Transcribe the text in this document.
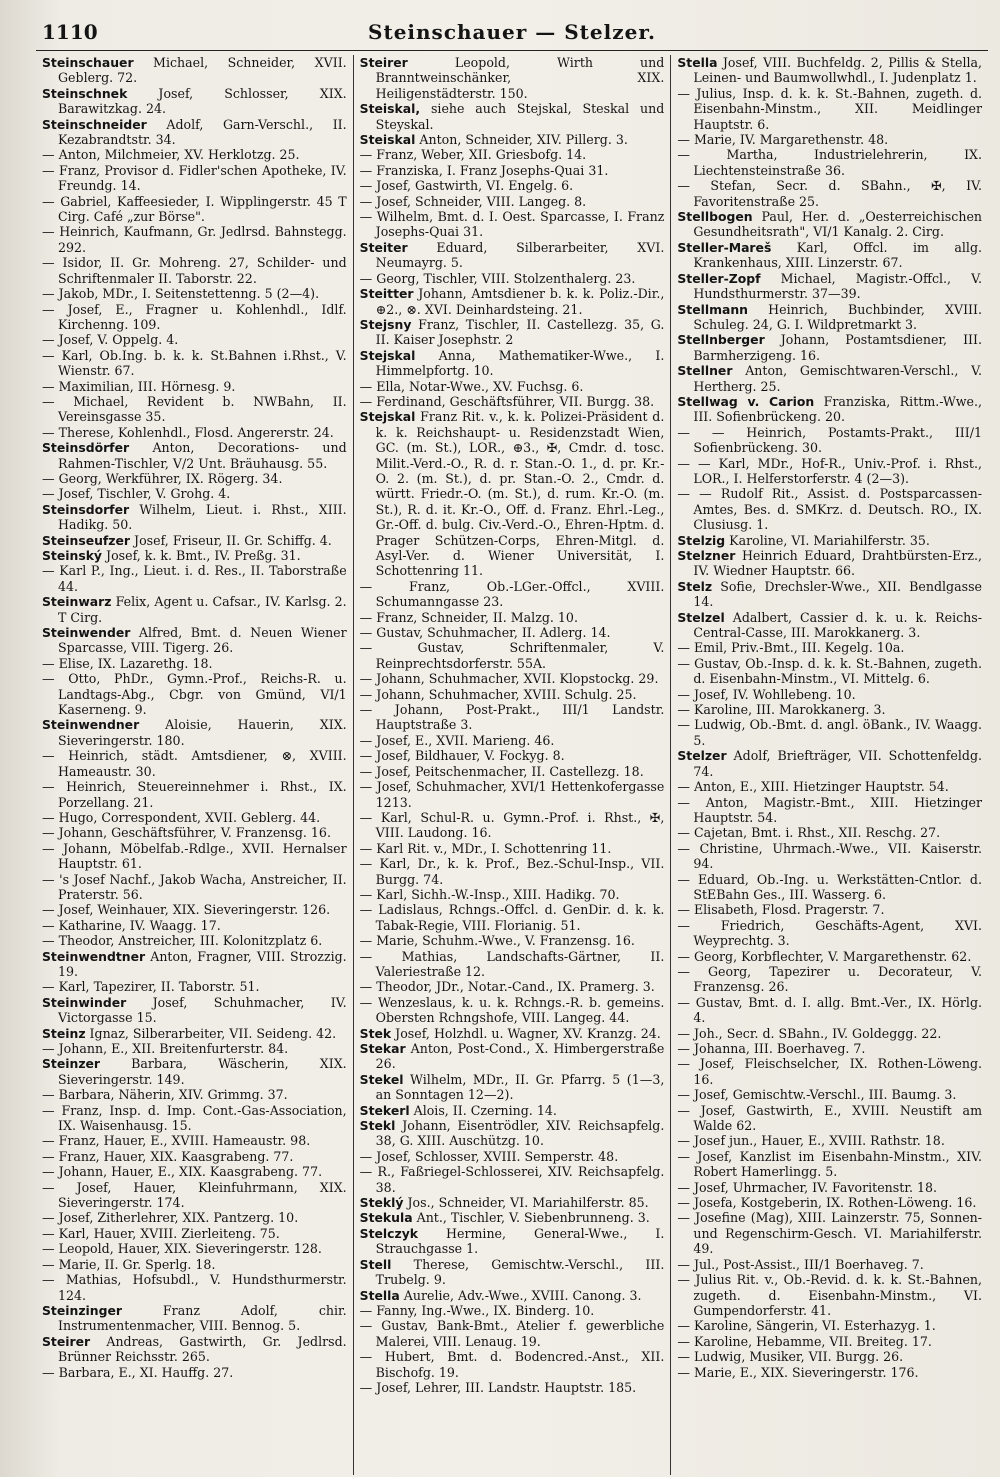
1110	Steinschauer — Stelzer.

Steinschauer Michael, Schneider, XVII. Geblerg. 72.

Steinschnek Josef, Schlosser, XIX. Barawitzkag. 24.

Steinschneider Adolf, Garn-Verschl., II. Kezabrandtstr. 34.

— Anton, Milchmeier, XV. Herklotzg. 25.

— Franz, Provisor d. Fidler'schen Apotheke, IV. Freundg. 14.

— Gabriel, Kaffeesieder, I. Wipplingerstr. 45 T Cirg. Café „zur Börse".

— Heinrich, Kaufmann, Gr. Jedlrsd. Bahnstegg. 292.

— Isidor, II. Gr. Mohreng. 27, Schilder- und Schriftenmaler II. Taborstr. 22.

— Jakob, MDr., I. Seitenstettenng. 5 (2—4).

— Josef, E., Fragner u. Kohlenhdl., Idlf. Kirchenng. 109.

— Josef, V. Oppelg. 4.

— Karl, Ob.Ing. b. k. k. St.Bahnen i.Rhst., V. Wienstr. 67.

— Maximilian, III. Hörnesg. 9.

— Michael, Revident b. NWBahn, II. Vereinsgasse 35.

— Therese, Kohlenhdl., Flosd. Angererstr. 24.

Steinsdörfer Anton, Decorations- und Rahmen-Tischler, V/2 Unt. Bräuhausg. 55.

— Georg, Werkführer, IX. Rögerg. 34.

— Josef, Tischler, V. Grohg. 4.

Steinsdorfer Wilhelm, Lieut. i. Rhst., XIII. Hadikg. 50.

Steinseufzer Josef, Friseur, II. Gr. Schiffg. 4.

Steinský Josef, k. k. Bmt., IV. Preßg. 31.

— Karl P., Ing., Lieut. i. d. Res., II. Taborstraße 44.

Steinwarz Felix, Agent u. Cafsar., IV. Karlsg. 2. T Cirg.

Steinwender Alfred, Bmt. d. Neuen Wiener Sparcasse, VIII. Tigerg. 26.

— Elise, IX. Lazarethg. 18.

— Otto, PhDr., Gymn.-Prof., Reichs-R. u. Landtags-Abg., Cbgr. von Gmünd, VI/1 Kaserneng. 9.

Steinwendner Aloisie, Hauerin, XIX. Sieveringerstr. 180.

— Heinrich, städt. Amtsdiener, ⊗, XVIII. Hameaustr. 30.

— Heinrich, Steuereinnehmer i. Rhst., IX. Porzellang. 21.

— Hugo, Correspondent, XVII. Geblerg. 44.

— Johann, Geschäftsführer, V. Franzensg. 16.

— Johann, Möbelfab.-Rdlge., XVII. Hernalser Hauptstr. 61.

— 's Josef Nachf., Jakob Wacha, Anstreicher, II. Praterstr. 56.

— Josef, Weinhauer, XIX. Sieveringerstr. 126.

— Katharine, IV. Waagg. 17.

— Theodor, Anstreicher, III. Kolonitzplatz 6.

Steinwendtner Anton, Fragner, VIII. Strozzig. 19.

— Karl, Tapezirer, II. Taborstr. 51.

Steinwinder Josef, Schuhmacher, IV. Victorgasse 15.

Steinz Ignaz, Silberarbeiter, VII. Seideng. 42.

— Johann, E., XII. Breitenfurterstr. 84.

Steinzer Barbara, Wäscherin, XIX. Sieveringerstr. 149.

— Barbara, Näherin, XIV. Grimmg. 37.

— Franz, Insp. d. Imp. Cont.-Gas-Association, IX. Waisenhausg. 15.

— Franz, Hauer, E., XVIII. Hameaustr. 98.

— Franz, Hauer, XIX. Kaasgrabeng. 77.

— Johann, Hauer, E., XIX. Kaasgrabeng. 77.

— Josef, Hauer, Kleinfuhrmann, XIX. Sieveringerstr. 174.

— Josef, Zitherlehrer, XIX. Pantzerg. 10.

— Karl, Hauer, XVIII. Zierleiteng. 75.

— Leopold, Hauer, XIX. Sieveringerstr. 128.

— Marie, II. Gr. Sperlg. 18.

— Mathias, Hofsubdl., V. Hundsthurmerstr. 124.

Steinzinger Franz Adolf, chir. Instrumentenmacher, VIII. Bennog. 5.

Steirer Andreas, Gastwirth, Gr. Jedlrsd. Brünner Reichsstr. 265.

— Barbara, E., XI. Hauffg. 27.

Steirer Leopold, Wirth und Branntweinschänker, XIX. Heiligenstädterstr. 150.

Steiskal, siehe auch Stejskal, Steskal und Steyskal.

Steiskal Anton, Schneider, XIV. Pillerg. 3.

— Franz, Weber, XII. Griesbofg. 14.

— Franziska, I. Franz Josephs-Quai 31.

— Josef, Gastwirth, VI. Engelg. 6.

— Josef, Schneider, VIII. Langeg. 8.

— Wilhelm, Bmt. d. I. Oest. Sparcasse, I. Franz Josephs-Quai 31.

Steiter Eduard, Silberarbeiter, XVI. Neumayrg. 5.

— Georg, Tischler, VIII. Stolzenthalerg. 23.

Steitter Johann, Amtsdiener b. k. k. Poliz.-Dir., ⊕2., ⊗. XVI. Deinhardsteing. 21.

Stejsny Franz, Tischler, II. Castellezg. 35, G. II. Kaiser Josephstr. 2

Stejskal Anna, Mathematiker-Wwe., I. Himmelpfortg. 10.

— Ella, Notar-Wwe., XV. Fuchsg. 6.

— Ferdinand, Geschäftsführer, VII. Burgg. 38.

Stejskal Franz Rit. v., k. k. Polizei-Präsident d. k. k. Reichshaupt- u. Residenzstadt Wien, GC. (m. St.), LOR., ⊕3., ✠, Cmdr. d. tosc. Milit.-Verd.-O., R. d. r. Stan.-O. 1., d. pr. Kr.-O. 2. (m. St.), d. pr. Stan.-O. 2., Cmdr. d. württ. Friedr.-O. (m. St.), d. rum. Kr.-O. (m. St.), R. d. it. Kr.-O., Off. d. Franz. Ehrl.-Leg., Gr.-Off. d. bulg. Civ.-Verd.-O., Ehren-Hptm. d. Prager Schützen-Corps, Ehren-Mitgl. d. Asyl-Ver. d. Wiener Universität, I. Schottenring 11.

— Franz, Ob.-LGer.-Offcl., XVIII. Schumanngasse 23.

— Franz, Schneider, II. Malzg. 10.

— Gustav, Schuhmacher, II. Adlerg. 14.

— Gustav, Schriftenmaler, V. Reinprechtsdorferstr. 55A.

— Johann, Schuhmacher, XVII. Klopstockg. 29.

— Johann, Schuhmacher, XVIII. Schulg. 25.

— Johann, Post-Prakt., III/1 Landstr. Hauptstraße 3.

— Josef, E., XVII. Marieng. 46.

— Josef, Bildhauer, V. Fockyg. 8.

— Josef, Peitschenmacher, II. Castellezg. 18.

— Josef, Schuhmacher, XVI/1 Hettenkofergasse 1213.

— Karl, Schul-R. u. Gymn.-Prof. i. Rhst., ✠, VIII. Laudong. 16.

— Karl Rit. v., MDr., I. Schottenring 11.

— Karl, Dr., k. k. Prof., Bez.-Schul-Insp., VII. Burgg. 74.

— Karl, Sichh.-W.-Insp., XIII. Hadikg. 70.

— Ladislaus, Rchngs.-Offcl. d. GenDir. d. k. k. Tabak-Regie, VIII. Florianig. 51.

— Marie, Schuhm.-Wwe., V. Franzensg. 16.

— Mathias, Landschafts-Gärtner, II. Valeriestraße 12.

— Theodor, JDr., Notar.-Cand., IX. Pramerg. 3.

— Wenzeslaus, k. u. k. Rchngs.-R. b. gemeins. Obersten Rchngshofe, VIII. Langeg. 44.

Stek Josef, Holzhdl. u. Wagner, XV. Kranzg. 24.

Stekar Anton, Post-Cond., X. Himbergerstraße 26.

Stekel Wilhelm, MDr., II. Gr. Pfarrg. 5 (1—3, an Sonntagen 12—2).

Stekerl Alois, II. Czerning. 14.

Stekl Johann, Eisentrödler, XIV. Reichsapfelg. 38, G. XIII. Auschützg. 10.

— Josef, Schlosser, XVIII. Semperstr. 48.

— R., Faßriegel-Schlosserei, XIV. Reichsapfelg. 38.

Steklý Jos., Schneider, VI. Mariahilferstr. 85.

Stekula Ant., Tischler, V. Siebenbrunneng. 3.

Stelczyk Hermine, General-Wwe., I. Strauchgasse 1.

Stell Therese, Gemischtw.-Verschl., III. Trubelg. 9.

Stella Aurelie, Adv.-Wwe., XVIII. Canong. 3.

— Fanny, Ing.-Wwe., IX. Binderg. 10.

— Gustav, Bank-Bmt., Atelier f. gewerbliche Malerei, VIII. Lenaug. 19.

— Hubert, Bmt. d. Bodencred.-Anst., XII. Bischofg. 19.

— Josef, Lehrer, III. Landstr. Hauptstr. 185.

Stella Josef, VIII. Buchfeldg. 2, Pillis & Stella, Leinen- und Baumwollwhdl., I. Judenplatz 1.

— Julius, Insp. d. k. k. St.-Bahnen, zugeth. d. Eisenbahn-Minstm., XII. Meidlinger Hauptstr. 6.

— Marie, IV. Margarethenstr. 48.

— Martha, Industrielehrerin, IX. Liechtensteinstraße 36.

— Stefan, Secr. d. SBahn., ✠, IV. Favoritenstraße 25.

Stellbogen Paul, Her. d. „Oesterreichischen Gesundheitsrath", VI/1 Kanalg. 2. Cirg.

Steller-Mareš Karl, Offcl. im allg. Krankenhaus, XIII. Linzerstr. 67.

Steller-Zopf Michael, Magistr.-Offcl., V. Hundsthurmerstr. 37—39.

Stellmann Heinrich, Buchbinder, XVIII. Schuleg. 24, G. I. Wildpretmarkt 3.

Stellnberger Johann, Postamtsdiener, III. Barmherzigeng. 16.

Stellner Anton, Gemischtwaren-Verschl., V. Hertherg. 25.

Stellwag v. Carion Franziska, Rittm.-Wwe., III. Sofienbrückeng. 20.

— — Heinrich, Postamts-Prakt., III/1 Sofienbrückeng. 30.

— — Karl, MDr., Hof-R., Univ.-Prof. i. Rhst., LOR., I. Helferstorferstr. 4 (2—3).

— — Rudolf Rit., Assist. d. Postsparcassen-Amtes, Bes. d. SMKrz. d. Deutsch. RO., IX. Clusiusg. 1.

Stelzig Karoline, VI. Mariahilferstr. 35.

Stelzner Heinrich Eduard, Drahtbürsten-Erz., IV. Wiedner Hauptstr. 66.

Stelz Sofie, Drechsler-Wwe., XII. Bendlgasse 14.

Stelzel Adalbert, Cassier d. k. u. k. Reichs-Central-Casse, III. Marokkanerg. 3.

— Emil, Priv.-Bmt., III. Kegelg. 10a.

— Gustav, Ob.-Insp. d. k. k. St.-Bahnen, zugeth. d. Eisenbahn-Minstm., VI. Mittelg. 6.

— Josef, IV. Wohllebeng. 10.

— Karoline, III. Marokkanerg. 3.

— Ludwig, Ob.-Bmt. d. angl. öBank., IV. Waagg. 5.

Stelzer Adolf, Briefträger, VII. Schottenfeldg. 74.

— Anton, E., XIII. Hietzinger Hauptstr. 54.

— Anton, Magistr.-Bmt., XIII. Hietzinger Hauptstr. 54.

— Cajetan, Bmt. i. Rhst., XII. Reschg. 27.

— Christine, Uhrmach.-Wwe., VII. Kaiserstr. 94.

— Eduard, Ob.-Ing. u. Werkstätten-Cntlor. d. StEBahn Ges., III. Wasserg. 6.

— Elisabeth, Flosd. Pragerstr. 7.

— Friedrich, Geschäfts-Agent, XVI. Weyprechtg. 3.

— Georg, Korbflechter, V. Margarethenstr. 62.

— Georg, Tapezirer u. Decorateur, V. Franzensg. 26.

— Gustav, Bmt. d. I. allg. Bmt.-Ver., IX. Hörlg. 4.

— Joh., Secr. d. SBahn., IV. Goldeggg. 22.

— Johanna, III. Boerhaveg. 7.

— Josef, Fleischselcher, IX. Rothen-Löweng. 16.

— Josef, Gemischtw.-Verschl., III. Baumg. 3.

— Josef, Gastwirth, E., XVIII. Neustift am Walde 62.

— Josef jun., Hauer, E., XVIII. Rathstr. 18.

— Josef, Kanzlist im Eisenbahn-Minstm., XIV. Robert Hamerlingg. 5.

— Josef, Uhrmacher, IV. Favoritenstr. 18.

— Josefa, Kostgeberin, IX. Rothen-Löweng. 16.

— Josefine (Mag), XIII. Lainzerstr. 75, Sonnen- und Regenschirm-Gesch. VI. Mariahilferstr. 49.

— Jul., Post-Assist., III/1 Boerhaveg. 7.

— Julius Rit. v., Ob.-Revid. d. k. k. St.-Bahnen, zugeth. d. Eisenbahn-Minstm., VI. Gumpendorferstr. 41.

— Karoline, Sängerin, VI. Esterhazyg. 1.

— Karoline, Hebamme, VII. Breiteg. 17.

— Ludwig, Musiker, VII. Burgg. 26.

— Marie, E., XIX. Sieveringerstr. 176.
